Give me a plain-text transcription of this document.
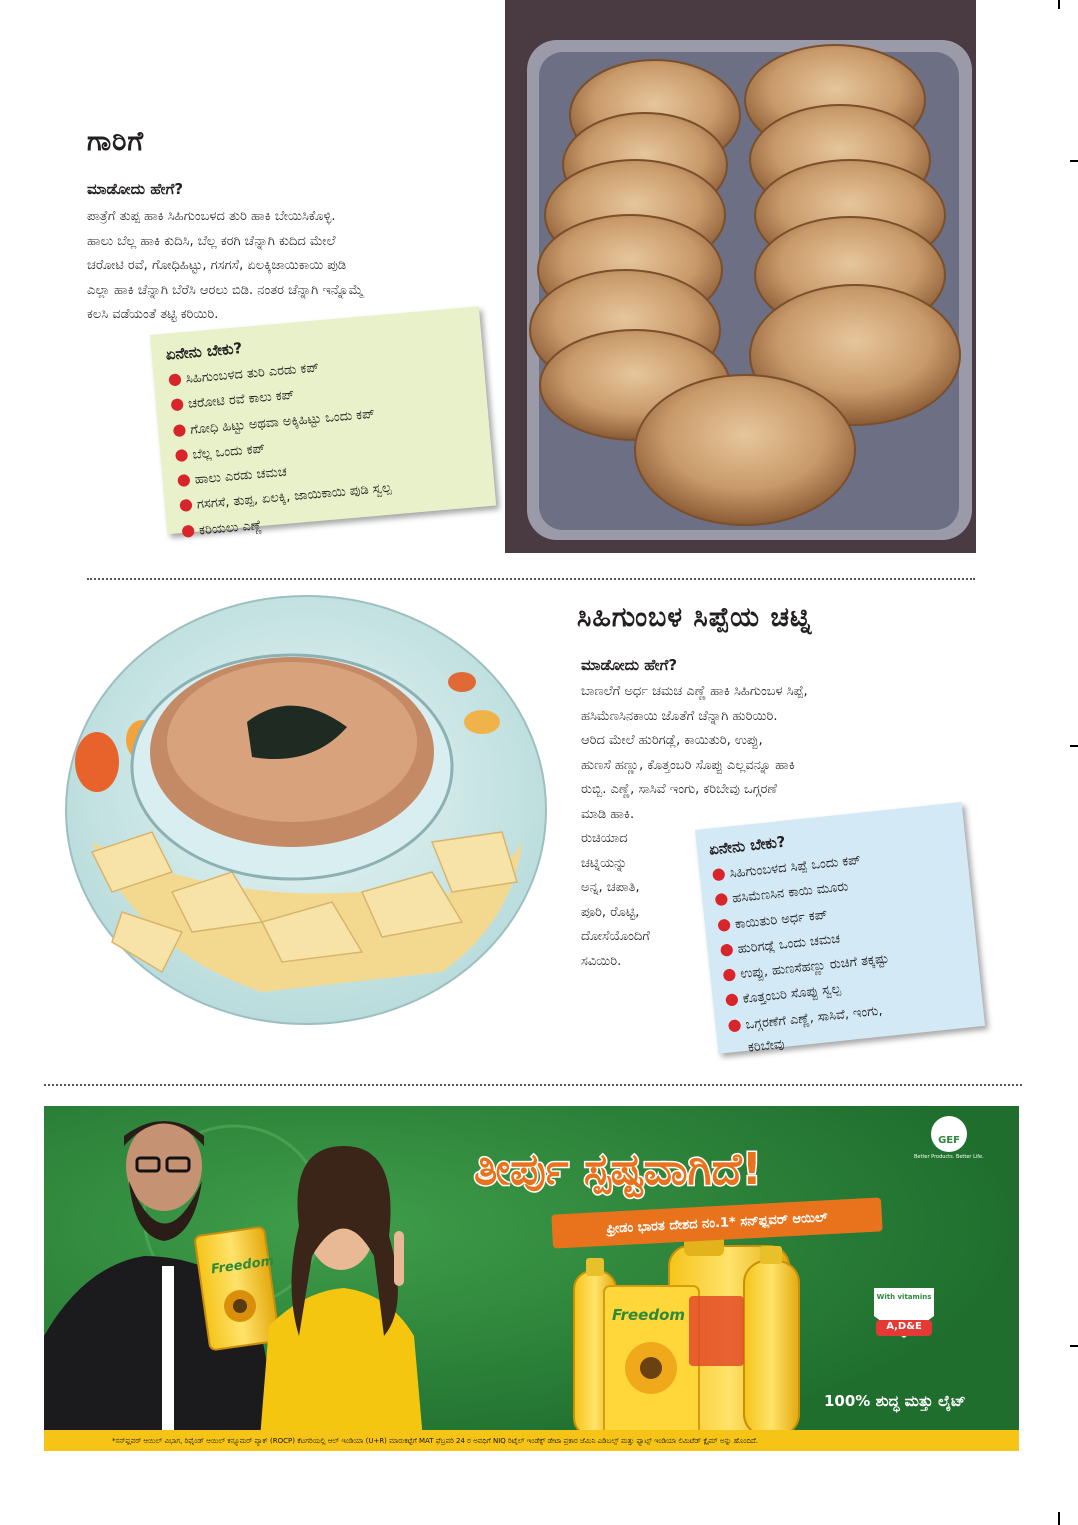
ಗಾರಿಗೆ
ಮಾಡೋದು ಹೇಗೆ?
ಪಾತ್ರೆಗೆ ತುಪ್ಪ ಹಾಕಿ ಸಿಹಿಗುಂಬಳದ ತುರಿ ಹಾಕಿ ಬೇಯಿಸಿಕೊಳ್ಳಿ.
ಹಾಲು ಬೆಲ್ಲ ಹಾಕಿ ಕುದಿಸಿ, ಬೆಲ್ಲ ಕರಗಿ ಚೆನ್ನಾಗಿ ಕುದಿದ ಮೇಲೆ
ಚರೋಟಿ ರವೆ, ಗೋಧಿಹಿಟ್ಟು, ಗಸಗಸೆ, ಏಲಕ್ಕಿಜಾಯಿಕಾಯಿ ಪುಡಿ
ಎಲ್ಲಾ ಹಾಕಿ ಚೆನ್ನಾಗಿ ಬೆರೆಸಿ ಆರಲು ಬಿಡಿ. ನಂತರ ಚೆನ್ನಾಗಿ ಇನ್ನೊಮ್ಮೆ
ಕಲಸಿ ವಡೆಯಂತೆ ತಟ್ಟಿ ಕರಿಯಿರಿ.
ಏನೇನು ಬೇಕು?
● ಸಿಹಿಗುಂಬಳದ ತುರಿ ಎರಡು ಕಪ್
● ಚರೋಟಿ ರವೆ ಕಾಲು ಕಪ್
● ಗೋಧಿ ಹಿಟ್ಟು ಅಥವಾ ಅಕ್ಕಿಹಿಟ್ಟು ಒಂದು ಕಪ್
● ಬೆಲ್ಲ ಒಂದು ಕಪ್
● ಹಾಲು ಎರಡು ಚಮಚ
● ಗಸಗಸೆ, ತುಪ್ಪ, ಏಲಕ್ಕಿ, ಜಾಯಿಕಾಯಿ ಪುಡಿ ಸ್ವಲ್ಪ
● ಕರಿಯಲು ಎಣ್ಣೆ
ಸಿಹಿಗುಂಬಳ ಸಿಪ್ಪೆಯ ಚಟ್ನಿ
ಮಾಡೋದು ಹೇಗೆ?
ಬಾಣಲೆಗೆ ಅರ್ಧ ಚಮಚ ಎಣ್ಣೆ ಹಾಕಿ ಸಿಹಿಗುಂಬಳ ಸಿಪ್ಪೆ,
ಹಸಿಮೆಣಸಿನಕಾಯಿ ಜೊತೆಗೆ ಚೆನ್ನಾಗಿ ಹುರಿಯಿರಿ.
ಆರಿದ ಮೇಲೆ ಹುರಿಗಡ್ಲೆ, ಕಾಯಿತುರಿ, ಉಪ್ಪು,
ಹುಣಸೆ ಹಣ್ಣು, ಕೊತ್ತಂಬರಿ ಸೊಪ್ಪು ಎಲ್ಲವನ್ನೂ ಹಾಕಿ
ರುಬ್ಬಿ. ಎಣ್ಣೆ, ಸಾಸಿವೆ ಇಂಗು, ಕರಿಬೇವು ಒಗ್ಗರಣೆ
ಮಾಡಿ ಹಾಕಿ.
ರುಚಿಯಾದ
ಚಟ್ನಿಯನ್ನು
ಅನ್ನ, ಚಪಾತಿ,
ಪೂರಿ, ರೊಟ್ಟಿ,
ದೋಸೆಯೊಂದಿಗೆ
ಸವಿಯಿರಿ.
ಏನೇನು ಬೇಕು?
● ಸಿಹಿಗುಂಬಳದ ಸಿಪ್ಪೆ ಒಂದು ಕಪ್
● ಹಸಿಮೆಣಸಿನ ಕಾಯಿ ಮೂರು
● ಕಾಯಿತುರಿ ಅರ್ಧ ಕಪ್
● ಹುರಿಗಡ್ಲೆ ಒಂದು ಚಮಚ
● ಉಪ್ಪು, ಹುಣಸೆಹಣ್ಣು ರುಚಿಗೆ ತಕ್ಕಷ್ಟು
● ಕೊತ್ತಂಬರಿ ಸೊಪ್ಪು ಸ್ವಲ್ಪ
● ಒಗ್ಗರಣೆಗೆ ಎಣ್ಣೆ, ಸಾಸಿವೆ, ಇಂಗು,
ಕರಿಬೇವು
ತೀರ್ಪು ಸ್ಪಷ್ಟವಾಗಿದೆ!
ಫ್ರೀಡಂ ಭಾರತ ದೇಶದ ನಂ.1* ಸನ್‌ಫ್ಲವರ್ ಆಯಿಲ್
GEF
Better Products. Better Life.
Freedom
Freedom
With vitamins
A,D&E
100% ಶುದ್ಧ ಮತ್ತು ಲೈಟ್
*ಸನ್‌ಫ್ಲವರ್ ಆಯಿಲ್ ವಿಭಾಗ, ರಿಫೈಂಡ್ ಆಯಿಲ್ ಕನ್ಸ್ಯೂಮರ್ ಪ್ಯಾಕ್ (ROCP) ಕೆಟಗರಿಯಲ್ಲಿ ಆಲ್ ಇಂಡಿಯಾ (U+R) ಮಾರುಕಟ್ಟೆಗೆ MAT ಫೆಬ್ರವರಿ 24 ರ ಅವಧಿಗೆ NIQ ರಿಟೈಲ್ ಇಂಡೆಕ್ಸ್ ಡೇಟಾ ಪ್ರಕಾರ ಜೆಮಿನಿ ಎಡಿಬಲ್ಸ್ ಮತ್ತು ಫ್ಯಾಟ್ಸ್ ಇಂಡಿಯಾ ಲಿಮಿಟೆಡ್ ಕ್ಲೈಮ್ ಅನ್ನು ಹೊಂದಿದೆ.
